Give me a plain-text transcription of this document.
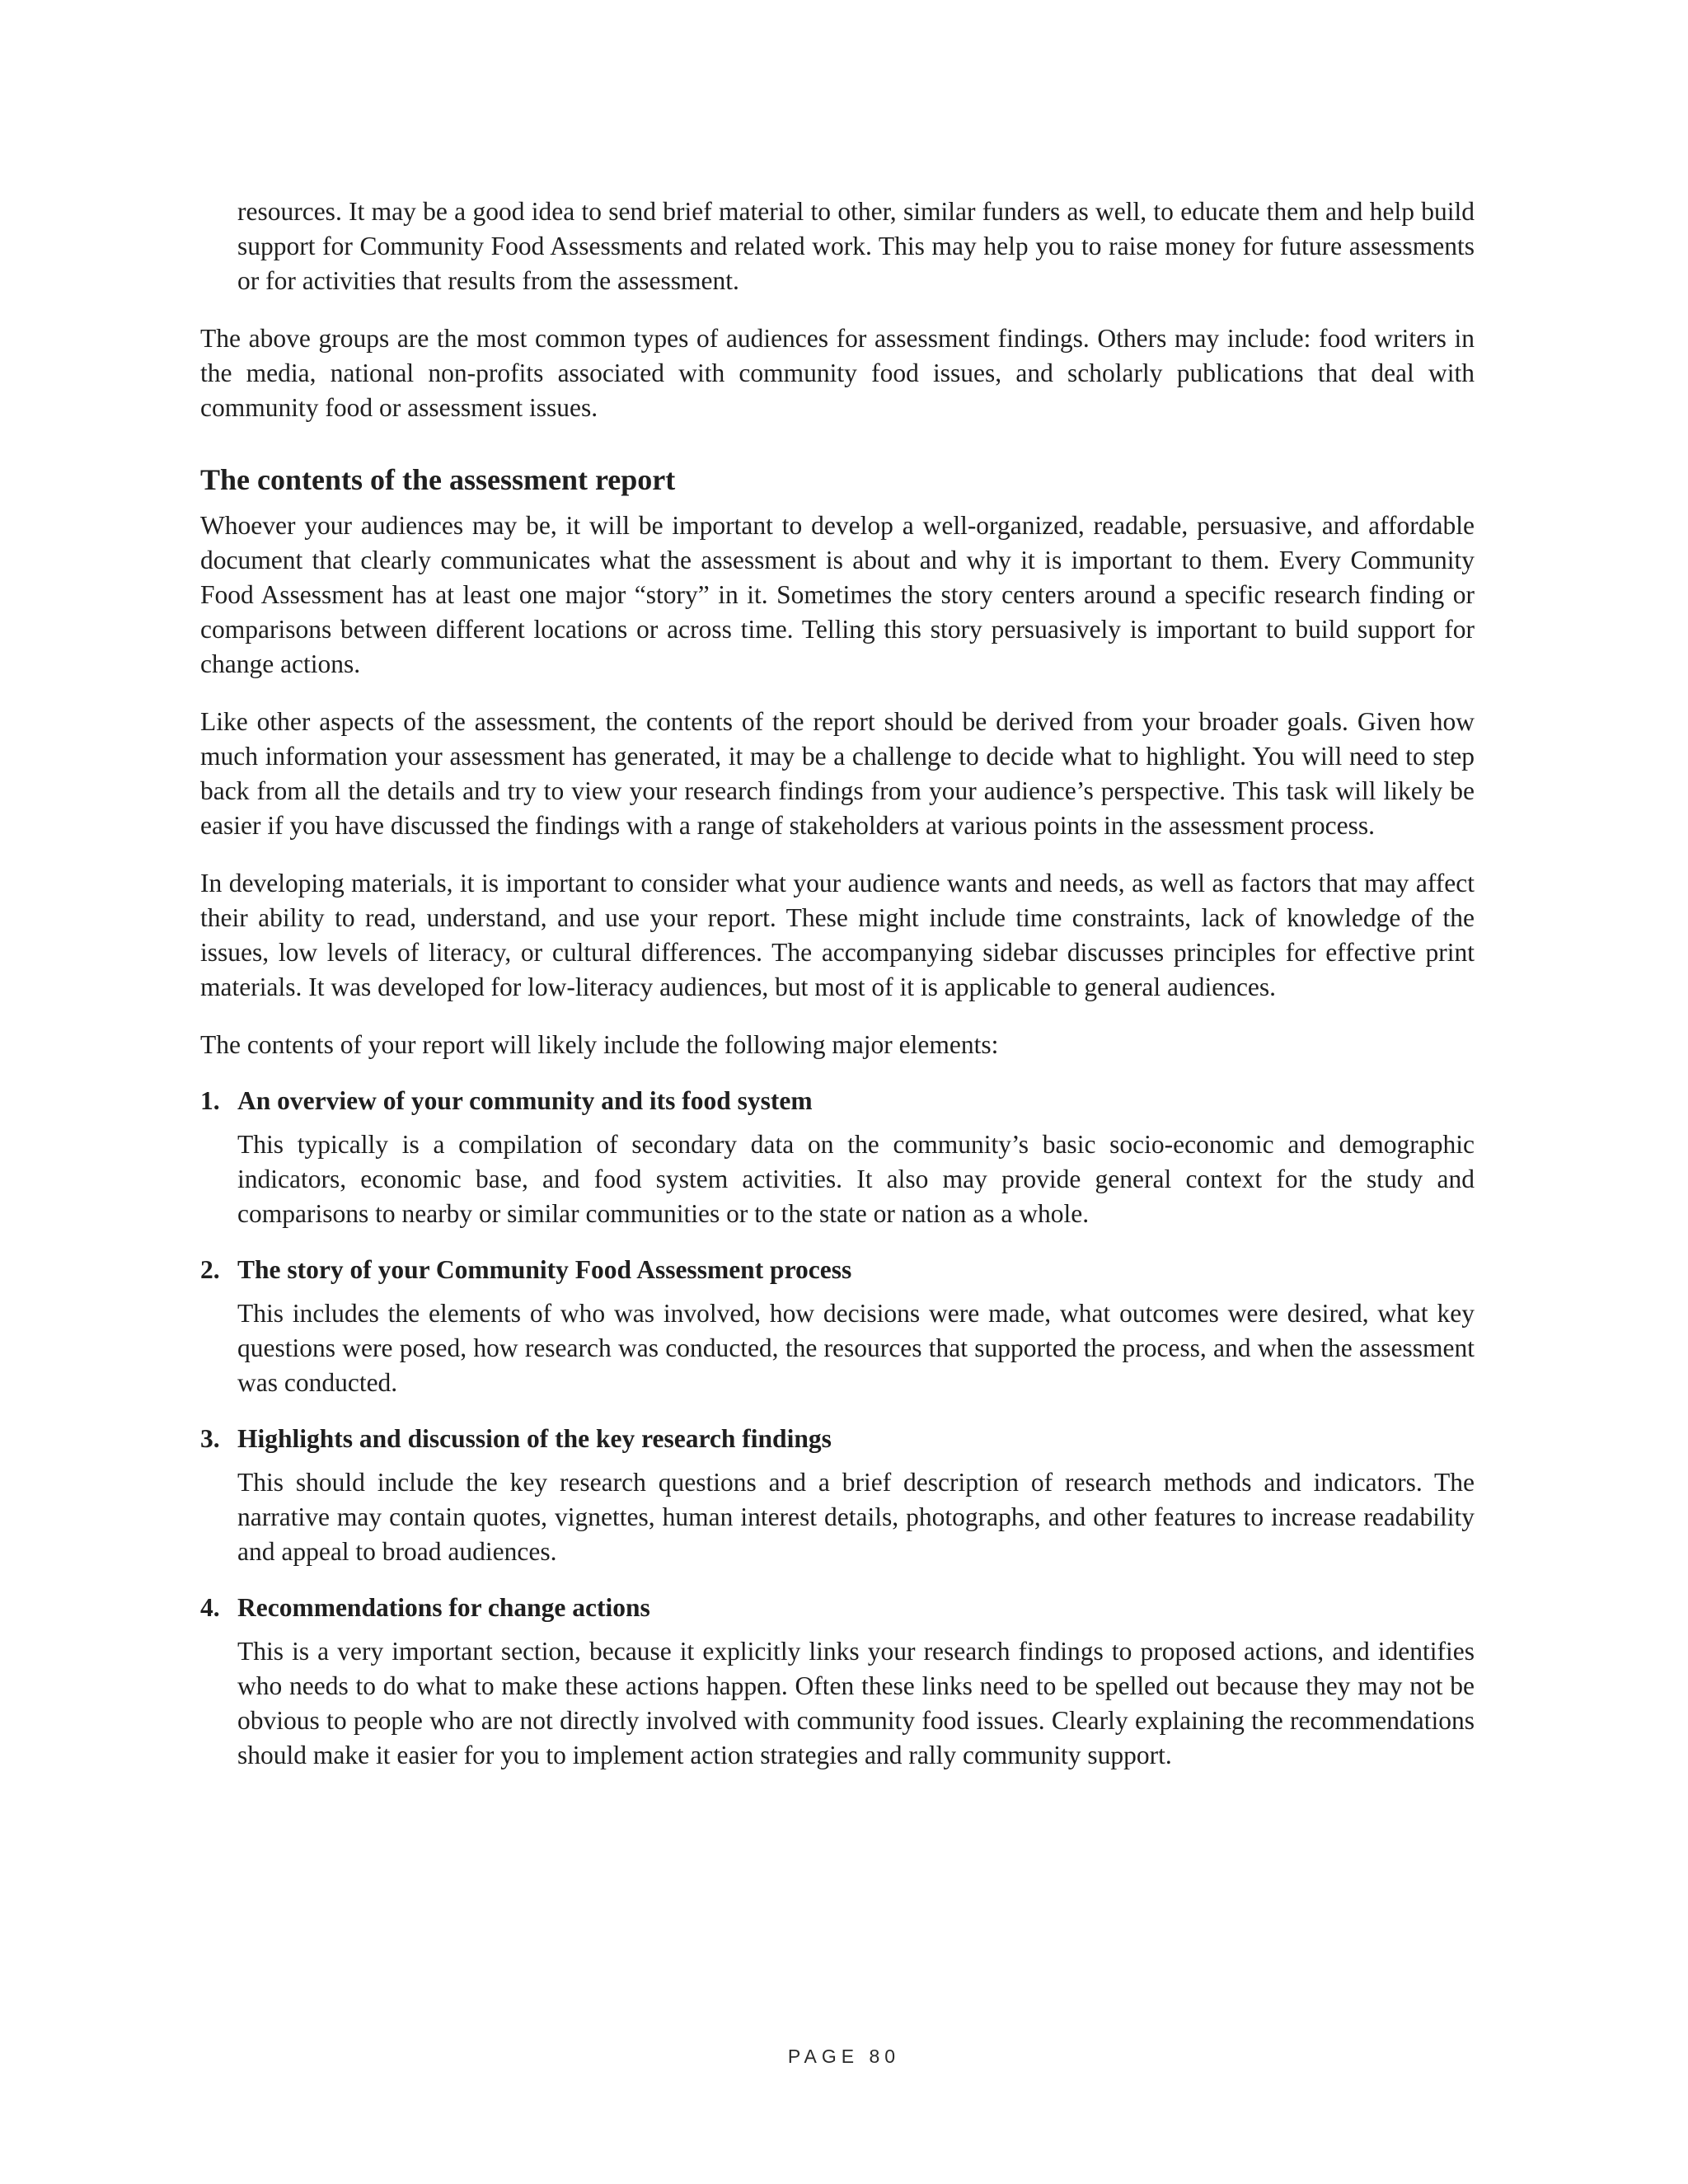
resources. It may be a good idea to send brief material to other, similar funders as well, to educate them and help build support for Community Food Assessments and related work. This may help you to raise money for future assessments or for activities that results from the assessment.

The above groups are the most common types of audiences for assessment findings. Others may include: food writers in the media, national non-profits associated with community food issues, and scholarly publications that deal with community food or assessment issues.

The contents of the assessment report

Whoever your audiences may be, it will be important to develop a well-organized, readable, persuasive, and affordable document that clearly communicates what the assessment is about and why it is important to them. Every Community Food Assessment has at least one major “story” in it. Sometimes the story centers around a specific research finding or comparisons between different locations or across time. Telling this story persuasively is important to build support for change actions.

Like other aspects of the assessment, the contents of the report should be derived from your broader goals. Given how much information your assessment has generated, it may be a challenge to decide what to highlight. You will need to step back from all the details and try to view your research findings from your audience’s perspective. This task will likely be easier if you have discussed the findings with a range of stakeholders at various points in the assessment process.

In developing materials, it is important to consider what your audience wants and needs, as well as factors that may affect their ability to read, understand, and use your report. These might include time constraints, lack of knowledge of the issues, low levels of literacy, or cultural differences. The accompanying sidebar discusses principles for effective print materials. It was developed for low-literacy audiences, but most of it is applicable to general audiences.

The contents of your report will likely include the following major elements:

1. An overview of your community and its food system

This typically is a compilation of secondary data on the community’s basic socio-economic and demographic indicators, economic base, and food system activities. It also may provide general context for the study and comparisons to nearby or similar communities or to the state or nation as a whole.

2. The story of your Community Food Assessment process

This includes the elements of who was involved, how decisions were made, what outcomes were desired, what key questions were posed, how research was conducted, the resources that supported the process, and when the assessment was conducted.

3. Highlights and discussion of the key research findings

This should include the key research questions and a brief description of research methods and indicators. The narrative may contain quotes, vignettes, human interest details, photographs, and other features to increase readability and appeal to broad audiences.

4. Recommendations for change actions

This is a very important section, because it explicitly links your research findings to proposed actions, and identifies who needs to do what to make these actions happen. Often these links need to be spelled out because they may not be obvious to people who are not directly involved with community food issues. Clearly explaining the recommendations should make it easier for you to implement action strategies and rally community support.

PAGE 80
